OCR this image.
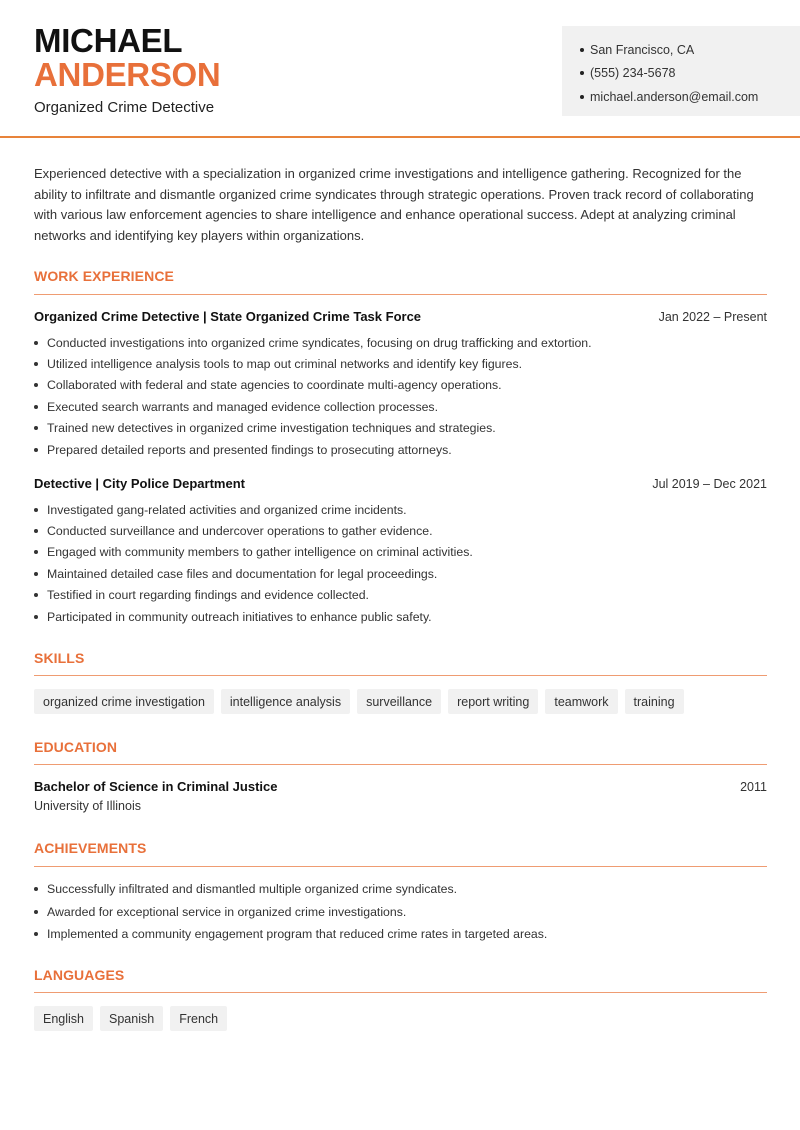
MICHAEL
ANDERSON
Organized Crime Detective
San Francisco, CA
(555) 234-5678
michael.anderson@email.com
Experienced detective with a specialization in organized crime investigations and intelligence gathering. Recognized for the ability to infiltrate and dismantle organized crime syndicates through strategic operations. Proven track record of collaborating with various law enforcement agencies to share intelligence and enhance operational success. Adept at analyzing criminal networks and identifying key players within organizations.
WORK EXPERIENCE
Organized Crime Detective | State Organized Crime Task Force	Jan 2022 – Present
Conducted investigations into organized crime syndicates, focusing on drug trafficking and extortion.
Utilized intelligence analysis tools to map out criminal networks and identify key figures.
Collaborated with federal and state agencies to coordinate multi-agency operations.
Executed search warrants and managed evidence collection processes.
Trained new detectives in organized crime investigation techniques and strategies.
Prepared detailed reports and presented findings to prosecuting attorneys.
Detective | City Police Department	Jul 2019 – Dec 2021
Investigated gang-related activities and organized crime incidents.
Conducted surveillance and undercover operations to gather evidence.
Engaged with community members to gather intelligence on criminal activities.
Maintained detailed case files and documentation for legal proceedings.
Testified in court regarding findings and evidence collected.
Participated in community outreach initiatives to enhance public safety.
SKILLS
organized crime investigation	intelligence analysis	surveillance	report writing	teamwork	training
EDUCATION
Bachelor of Science in Criminal Justice	2011
University of Illinois
ACHIEVEMENTS
Successfully infiltrated and dismantled multiple organized crime syndicates.
Awarded for exceptional service in organized crime investigations.
Implemented a community engagement program that reduced crime rates in targeted areas.
LANGUAGES
English	Spanish	French
